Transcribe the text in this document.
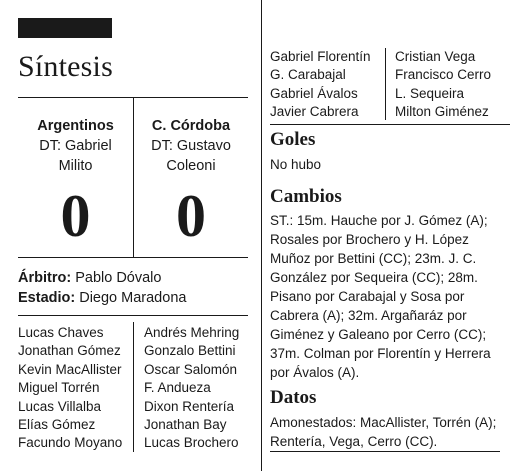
Síntesis
Argentinos
DT: Gabriel
Milito
0
C. Córdoba
DT: Gustavo
Coleoni
0
Árbitro: Pablo Dóvalo
Estadio: Diego Maradona
Lucas Chaves
Jonathan Gómez
Kevin MacAllister
Miguel Torrén
Lucas Villalba
Elías Gómez
Facundo Moyano
Andrés Mehring
Gonzalo Bettini
Oscar Salomón
F. Andueza
Dixon Rentería
Jonathan Bay
Lucas Brochero
Gabriel Florentín
G. Carabajal
Gabriel Ávalos
Javier Cabrera
Cristian Vega
Francisco Cerro
L. Sequeira
Milton Giménez
Goles
No hubo
Cambios
ST.: 15m. Hauche por J. Gómez (A);
Rosales por Brochero y H. López
Muñoz por Bettini (CC); 23m. J. C.
González por Sequeira (CC); 28m.
Pisano por Carabajal y Sosa por
Cabrera (A); 32m. Argañaráz por
Giménez y Galeano por Cerro (CC);
37m. Colman por Florentín y Herrera
por Ávalos (A).
Datos
Amonestados: MacAllister, Torrén (A);
Rentería, Vega, Cerro (CC).
